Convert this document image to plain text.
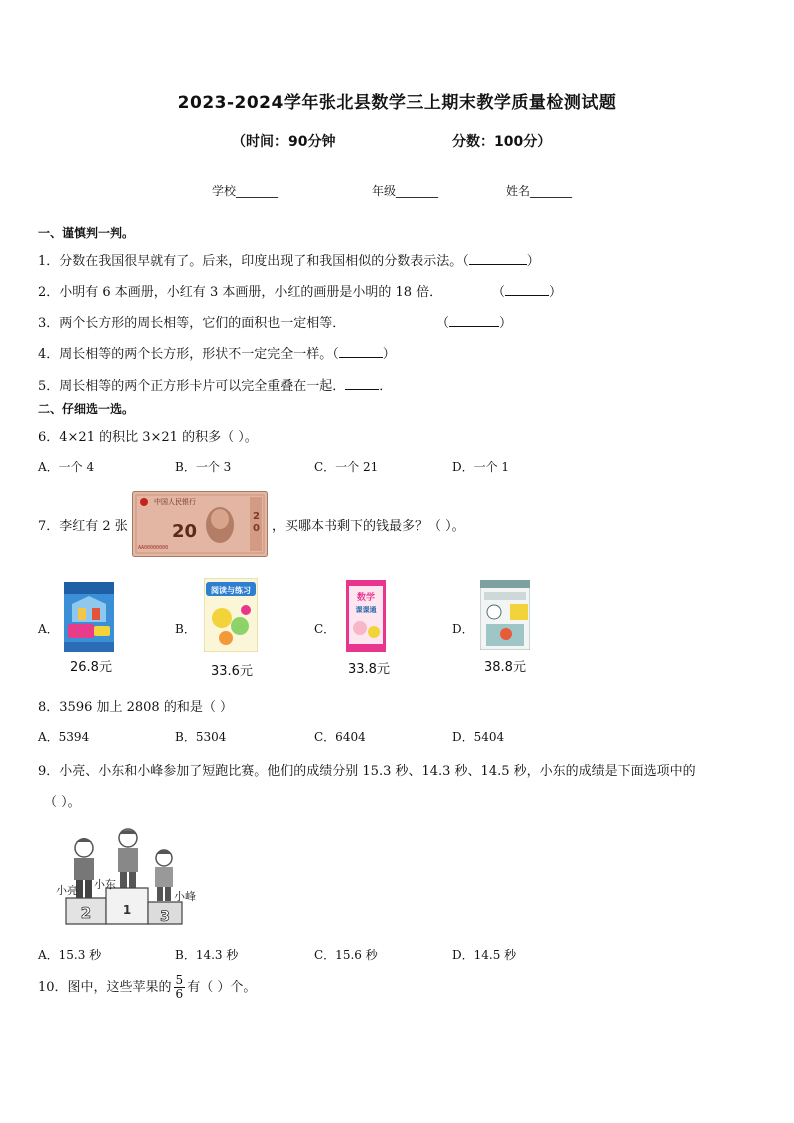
2023-2024学年张北县数学三上期末教学质量检测试题
（时间：90分钟	分数：100分）
学校_______	年级_______	姓名_______
一、谨慎判一判。
1．分数在我国很早就有了。后来，印度出现了和我国相似的分数表示法。（	）
2．小明有 6 本画册，小红有 3 本画册，小红的画册是小明的 18 倍．	（	）
3．两个长方形的周长相等，它们的面积也一定相等．	（	）
4．周长相等的两个长方形，形状不一定完全一样。（	）
5．周长相等的两个正方形卡片可以完全重叠在一起．	．
二、仔细选一选。
6．4×21 的积比 3×21 的积多（ ）。
A．一个 4	B．一个 3	C．一个 21	D．一个 1
7．李红有 2 张
中国人民银行
20
2
0
AA00000000
，买哪本书剩下的钱最多？（ ）。
A．
26.8元
B．
阅读与练习
33.6元
C．
数学
课课通
33.8元
D．
38.8元
8．3596 加上 2808 的和是（ ）
A．5394	B．5304	C．6404	D．5404
9．小亮、小东和小峰参加了短跑比赛。他们的成绩分别 15.3 秒、14.3 秒、14.5 秒，小东的成绩是下面选项中的
（ ）。
2	1 3
小亮 小东
小峰
A．15.3 秒	B．14.3 秒	C．15.6 秒	D．14.5 秒
10．图中，这些苹果的 $\frac{5}{6}$ 有（ ）个。
